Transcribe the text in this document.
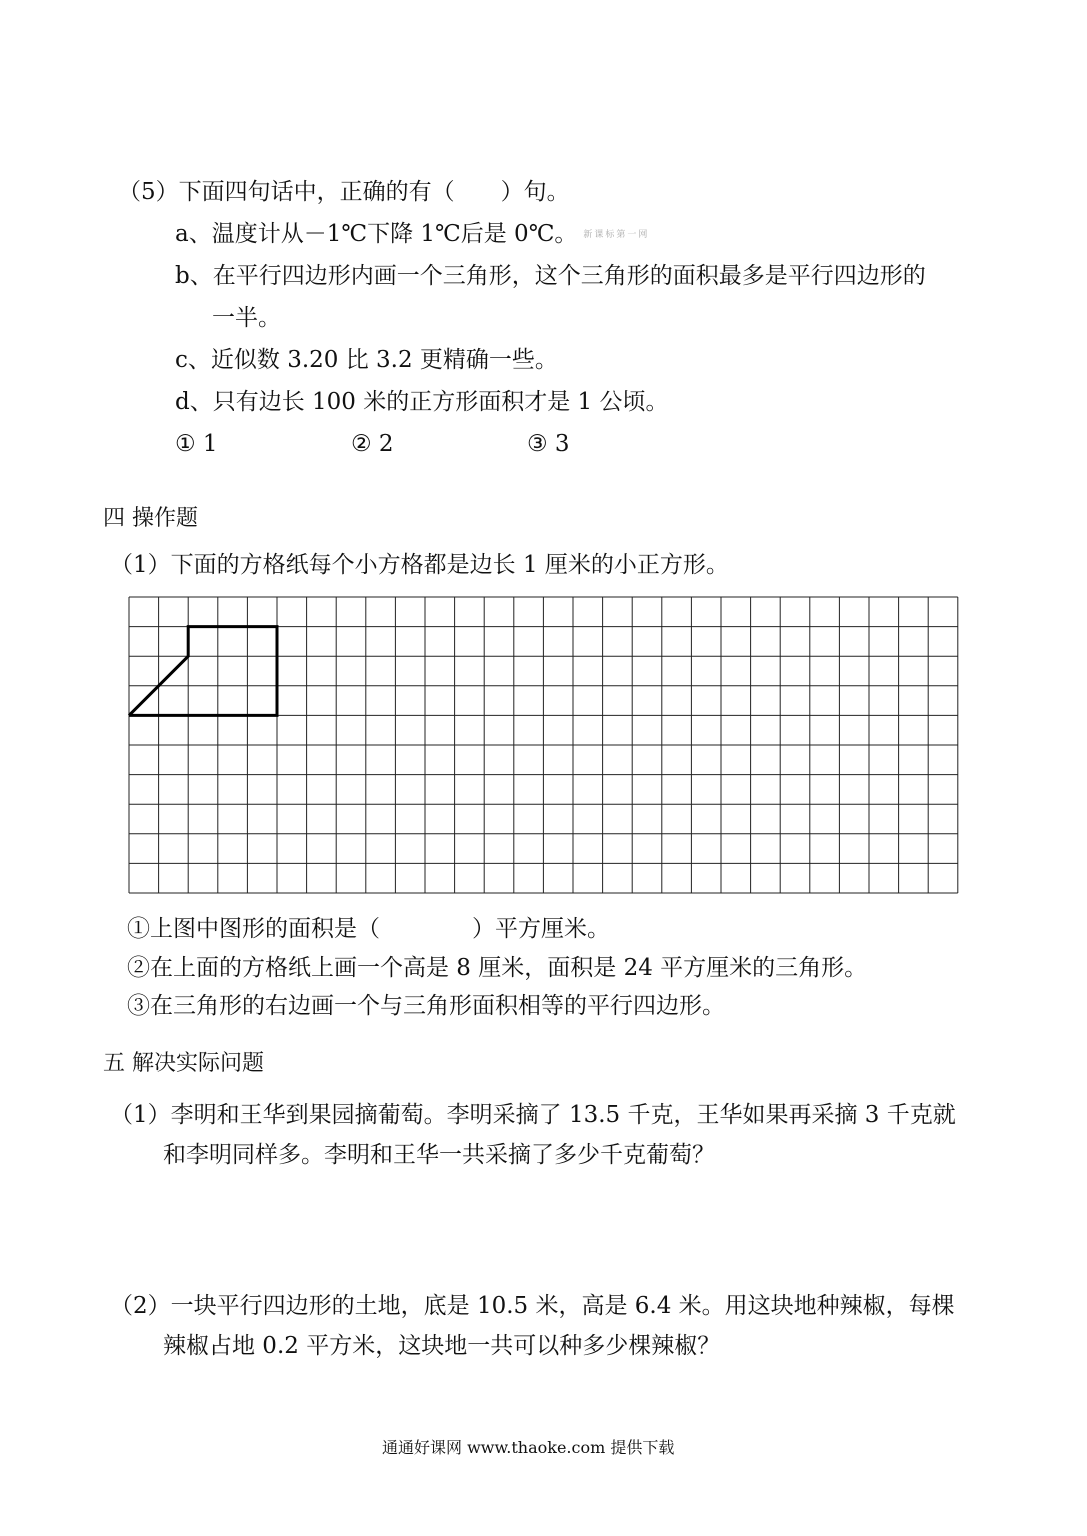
（5）下面四句话中，正确的有（　　）句。
a、温度计从－1℃下降 1℃后是 0℃。 新课标第一网
b、在平行四边形内画一个三角形，这个三角形的面积最多是平行四边形的
一半。
c、近似数 3.20 比 3.2 更精确一些。
d、只有边长 100 米的正方形面积才是 1 公顷。
① 1	② 2	③ 3
四 操作题
（1）下面的方格纸每个小方格都是边长 1 厘米的小正方形。
①上图中图形的面积是（　　　　）平方厘米。
②在上面的方格纸上画一个高是 8 厘米，面积是 24 平方厘米的三角形。
③在三角形的右边画一个与三角形面积相等的平行四边形。
五 解决实际问题
（1）李明和王华到果园摘葡萄。李明采摘了 13.5 千克，王华如果再采摘 3 千克就
和李明同样多。李明和王华一共采摘了多少千克葡萄？
（2）一块平行四边形的土地，底是 10.5 米，高是 6.4 米。用这块地种辣椒，每棵
辣椒占地 0.2 平方米，这块地一共可以种多少棵辣椒？
通通好课网 www.thaoke.com 提供下载
